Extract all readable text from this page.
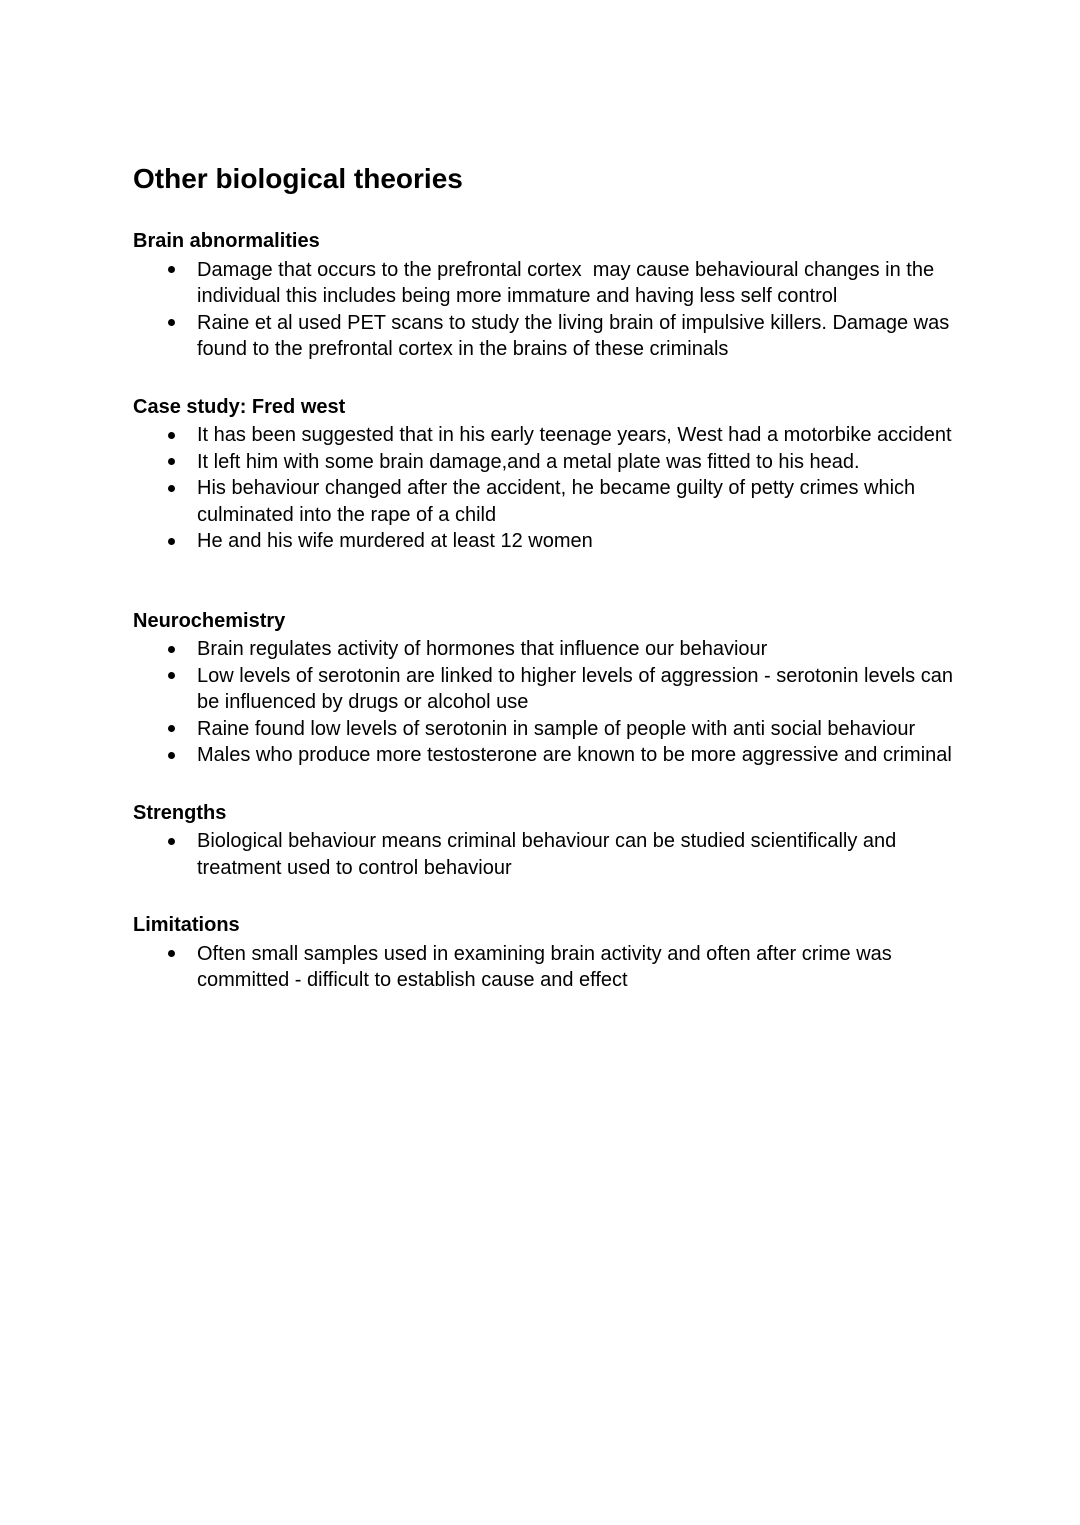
Other biological theories
Brain abnormalities
Damage that occurs to the prefrontal cortex  may cause behavioural changes in the individual this includes being more immature and having less self control
Raine et al used PET scans to study the living brain of impulsive killers. Damage was found to the prefrontal cortex in the brains of these criminals
Case study: Fred west
It has been suggested that in his early teenage years, West had a motorbike accident
It left him with some brain damage,and a metal plate was fitted to his head.
His behaviour changed after the accident, he became guilty of petty crimes which culminated into the rape of a child
He and his wife murdered at least 12 women
Neurochemistry
Brain regulates activity of hormones that influence our behaviour
Low levels of serotonin are linked to higher levels of aggression - serotonin levels can be influenced by drugs or alcohol use
Raine found low levels of serotonin in sample of people with anti social behaviour
Males who produce more testosterone are known to be more aggressive and criminal
Strengths
Biological behaviour means criminal behaviour can be studied scientifically and treatment used to control behaviour
Limitations
Often small samples used in examining brain activity and often after crime was committed - difficult to establish cause and effect
